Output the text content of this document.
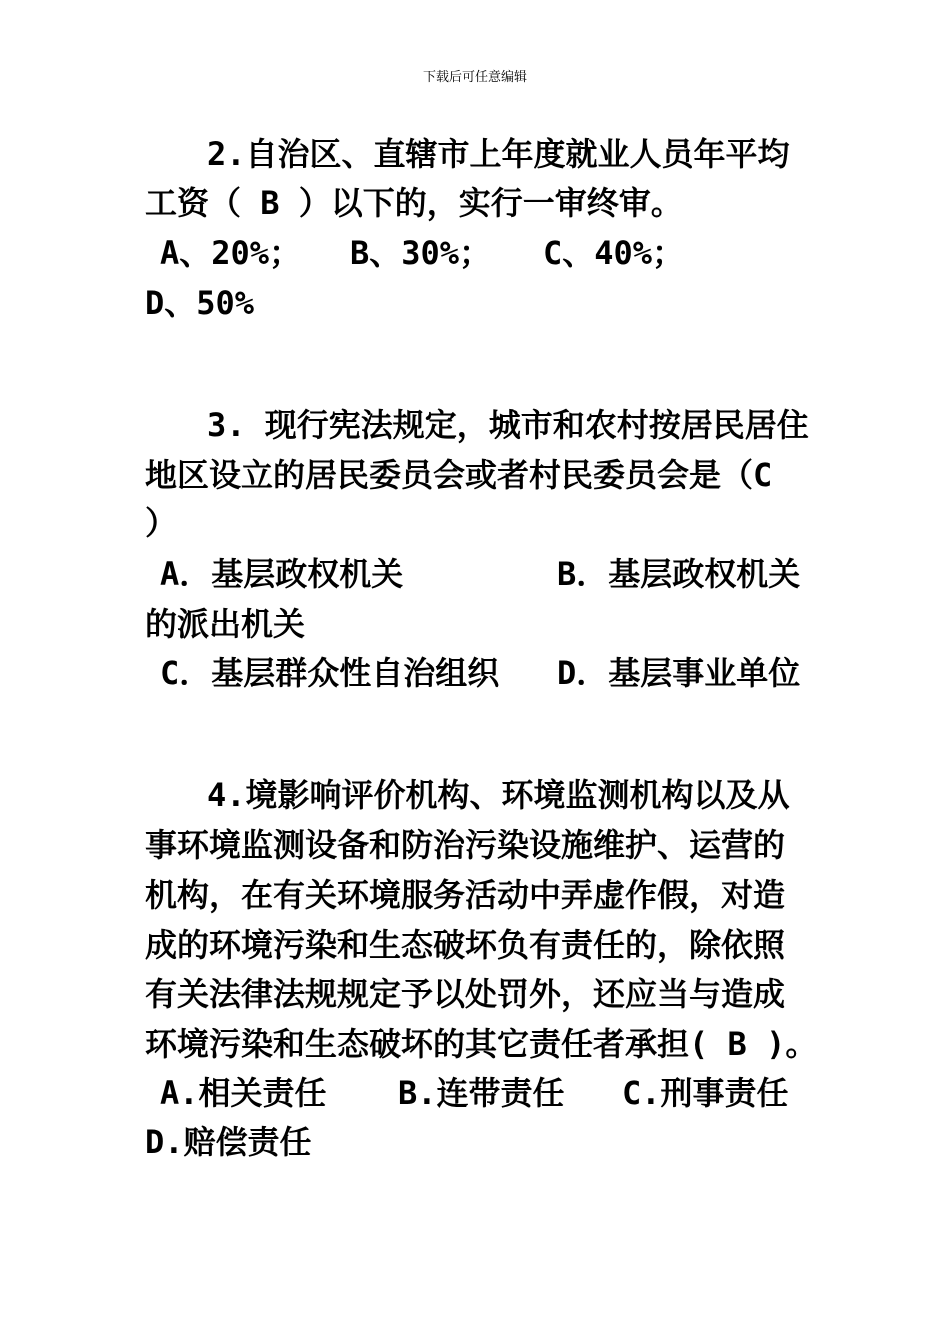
下载后可任意编辑
2.自治区、直辖市上年度就业人员年平均
工资（ B ）以下的，实行一审终审。
A、20%； B、30%； C、40%；
D、50%
3. 现行宪法规定，城市和农村按居民居住
地区设立的居民委员会或者村民委员会是（C
）
A．基层政权机关	B．基层政权机关
的派出机关
C．基层群众性自治组织 D．基层事业单位
4.境影响评价机构、环境监测机构以及从
事环境监测设备和防治污染设施维护、运营的
机构，在有关环境服务活动中弄虚作假，对造
成的环境污染和生态破坏负有责任的，除依照
有关法律法规规定予以处罚外，还应当与造成
环境污染和生态破坏的其它责任者承担( B )。
A.相关责任 B.连带责任 C.刑事责任
D.赔偿责任
